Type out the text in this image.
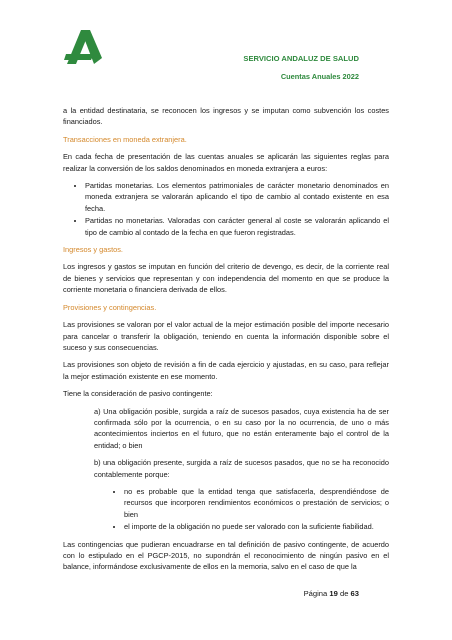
SERVICIO ANDALUZ DE SALUD
Cuentas Anuales 2022

a la entidad destinataria, se reconocen los ingresos y se imputan como subvención los costes financiados.

Transacciones en moneda extranjera.

En cada fecha de presentación de las cuentas anuales se aplicarán las siguientes reglas para realizar la conversión de los saldos denominados en moneda extranjera a euros:

• Partidas monetarias. Los elementos patrimoniales de carácter monetario denominados en moneda extranjera se valorarán aplicando el tipo de cambio al contado existente en esa fecha.
• Partidas no monetarias. Valoradas con carácter general al coste se valorarán aplicando el tipo de cambio al contado de la fecha en que fueron registradas.
Ingresos y gastos.

Los ingresos y gastos se imputan en función del criterio de devengo, es decir, de la corriente real de bienes y servicios que representan y con independencia del momento en que se produce la corriente monetaria o financiera derivada de ellos.

Provisiones y contingencias.

Las provisiones se valoran por el valor actual de la mejor estimación posible del importe necesario para cancelar o transferir la obligación, teniendo en cuenta la información disponible sobre el suceso y sus consecuencias.

Las provisiones son objeto de revisión a fin de cada ejercicio y ajustadas, en su caso, para reflejar la mejor estimación existente en ese momento.

Tiene la consideración de pasivo contingente:

a) Una obligación posible, surgida a raíz de sucesos pasados, cuya existencia ha de ser confirmada sólo por la ocurrencia, o en su caso por la no ocurrencia, de uno o más acontecimientos inciertos en el futuro, que no están enteramente bajo el control de la entidad; o bien

b) una obligación presente, surgida a raíz de sucesos pasados, que no se ha reconocido contablemente porque:

• no es probable que la entidad tenga que satisfacerla, desprendiéndose de recursos que incorporen rendimientos económicos o prestación de servicios; o bien
• el importe de la obligación no puede ser valorado con la suficiente fiabilidad.

Las contingencias que pudieran encuadrarse en tal definición de pasivo contingente, de acuerdo con lo estipulado en el PGCP-2015, no supondrán el reconocimiento de ningún pasivo en el balance, informándose exclusivamente de ellos en la memoria, salvo en el caso de que la

Página 19 de 63
